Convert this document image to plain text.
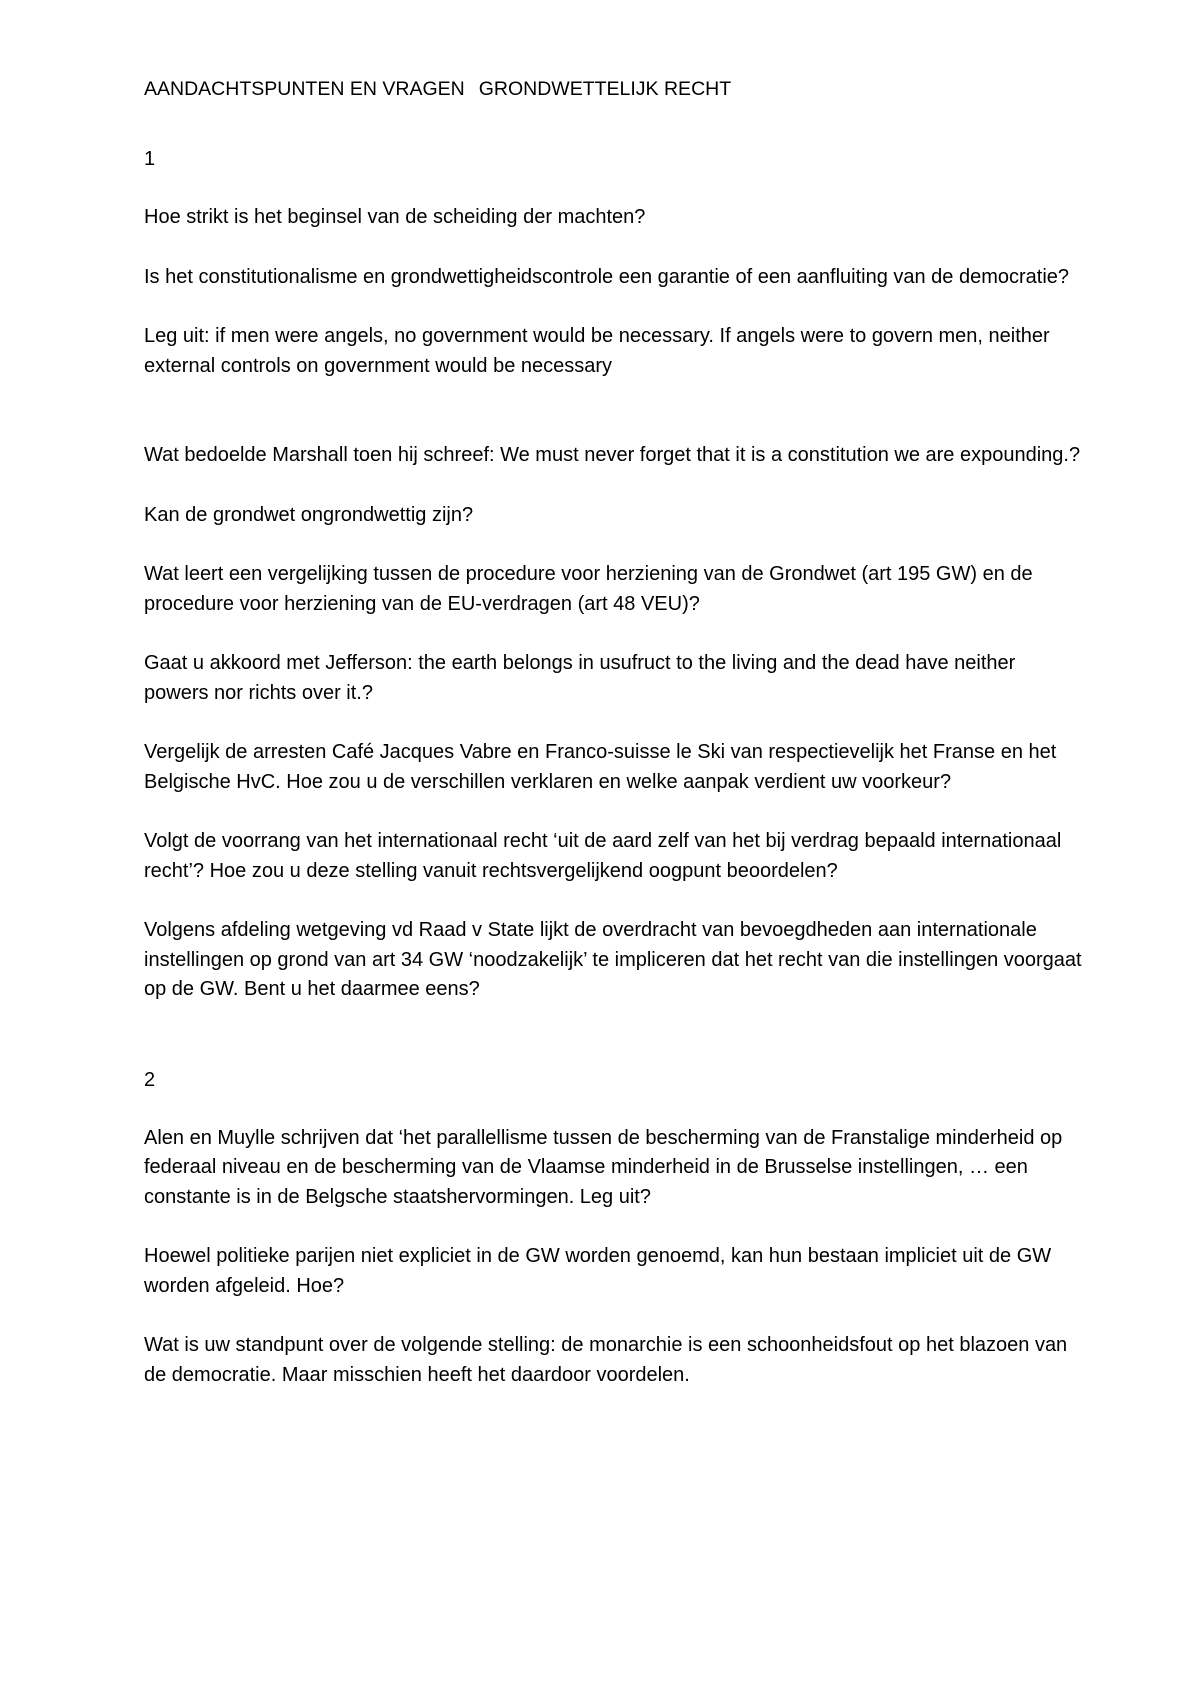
AANDACHTSPUNTEN EN VRAGEN GRONDWETTELIJK RECHT

1

Hoe strikt is het beginsel van de scheiding der machten?

Is het constitutionalisme en grondwettigheidscontrole een garantie of een aanfluiting van de democratie?

Leg uit: if men were angels, no government would be necessary. If angels were to govern men, neither external controls on government would be necessary

Wat bedoelde Marshall toen hij schreef: We must never forget that it is a constitution we are expounding.?

Kan de grondwet ongrondwettig zijn?

Wat leert een vergelijking tussen de procedure voor herziening van de Grondwet (art 195 GW) en de procedure voor herziening van de EU-verdragen (art 48 VEU)?

Gaat u akkoord met Jefferson: the earth belongs in usufruct to the living and the dead have neither powers nor richts over it.?

Vergelijk de arresten Café Jacques Vabre en Franco-suisse le Ski van respectievelijk het Franse en het Belgische HvC. Hoe zou u de verschillen verklaren en welke aanpak verdient uw voorkeur?

Volgt de voorrang van het internationaal recht ‘uit de aard zelf van het bij verdrag bepaald internationaal recht’? Hoe zou u deze stelling vanuit rechtsvergelijkend oogpunt beoordelen?

Volgens afdeling wetgeving vd Raad v State lijkt de overdracht van bevoegdheden aan internationale instellingen op grond van art 34 GW ‘noodzakelijk’ te impliceren dat het recht van die instellingen voorgaat op de GW. Bent u het daarmee eens?

2

Alen en Muylle schrijven dat ‘het parallellisme tussen de bescherming van de Franstalige minderheid op federaal niveau en de bescherming van de Vlaamse minderheid in de Brusselse instellingen, … een constante is in de Belgsche staatshervormingen. Leg uit?

Hoewel politieke parijen niet expliciet in de GW worden genoemd, kan hun bestaan impliciet uit de GW worden afgeleid. Hoe?

Wat is uw standpunt over de volgende stelling: de monarchie is een schoonheidsfout op het blazoen van de democratie. Maar misschien heeft het daardoor voordelen.
